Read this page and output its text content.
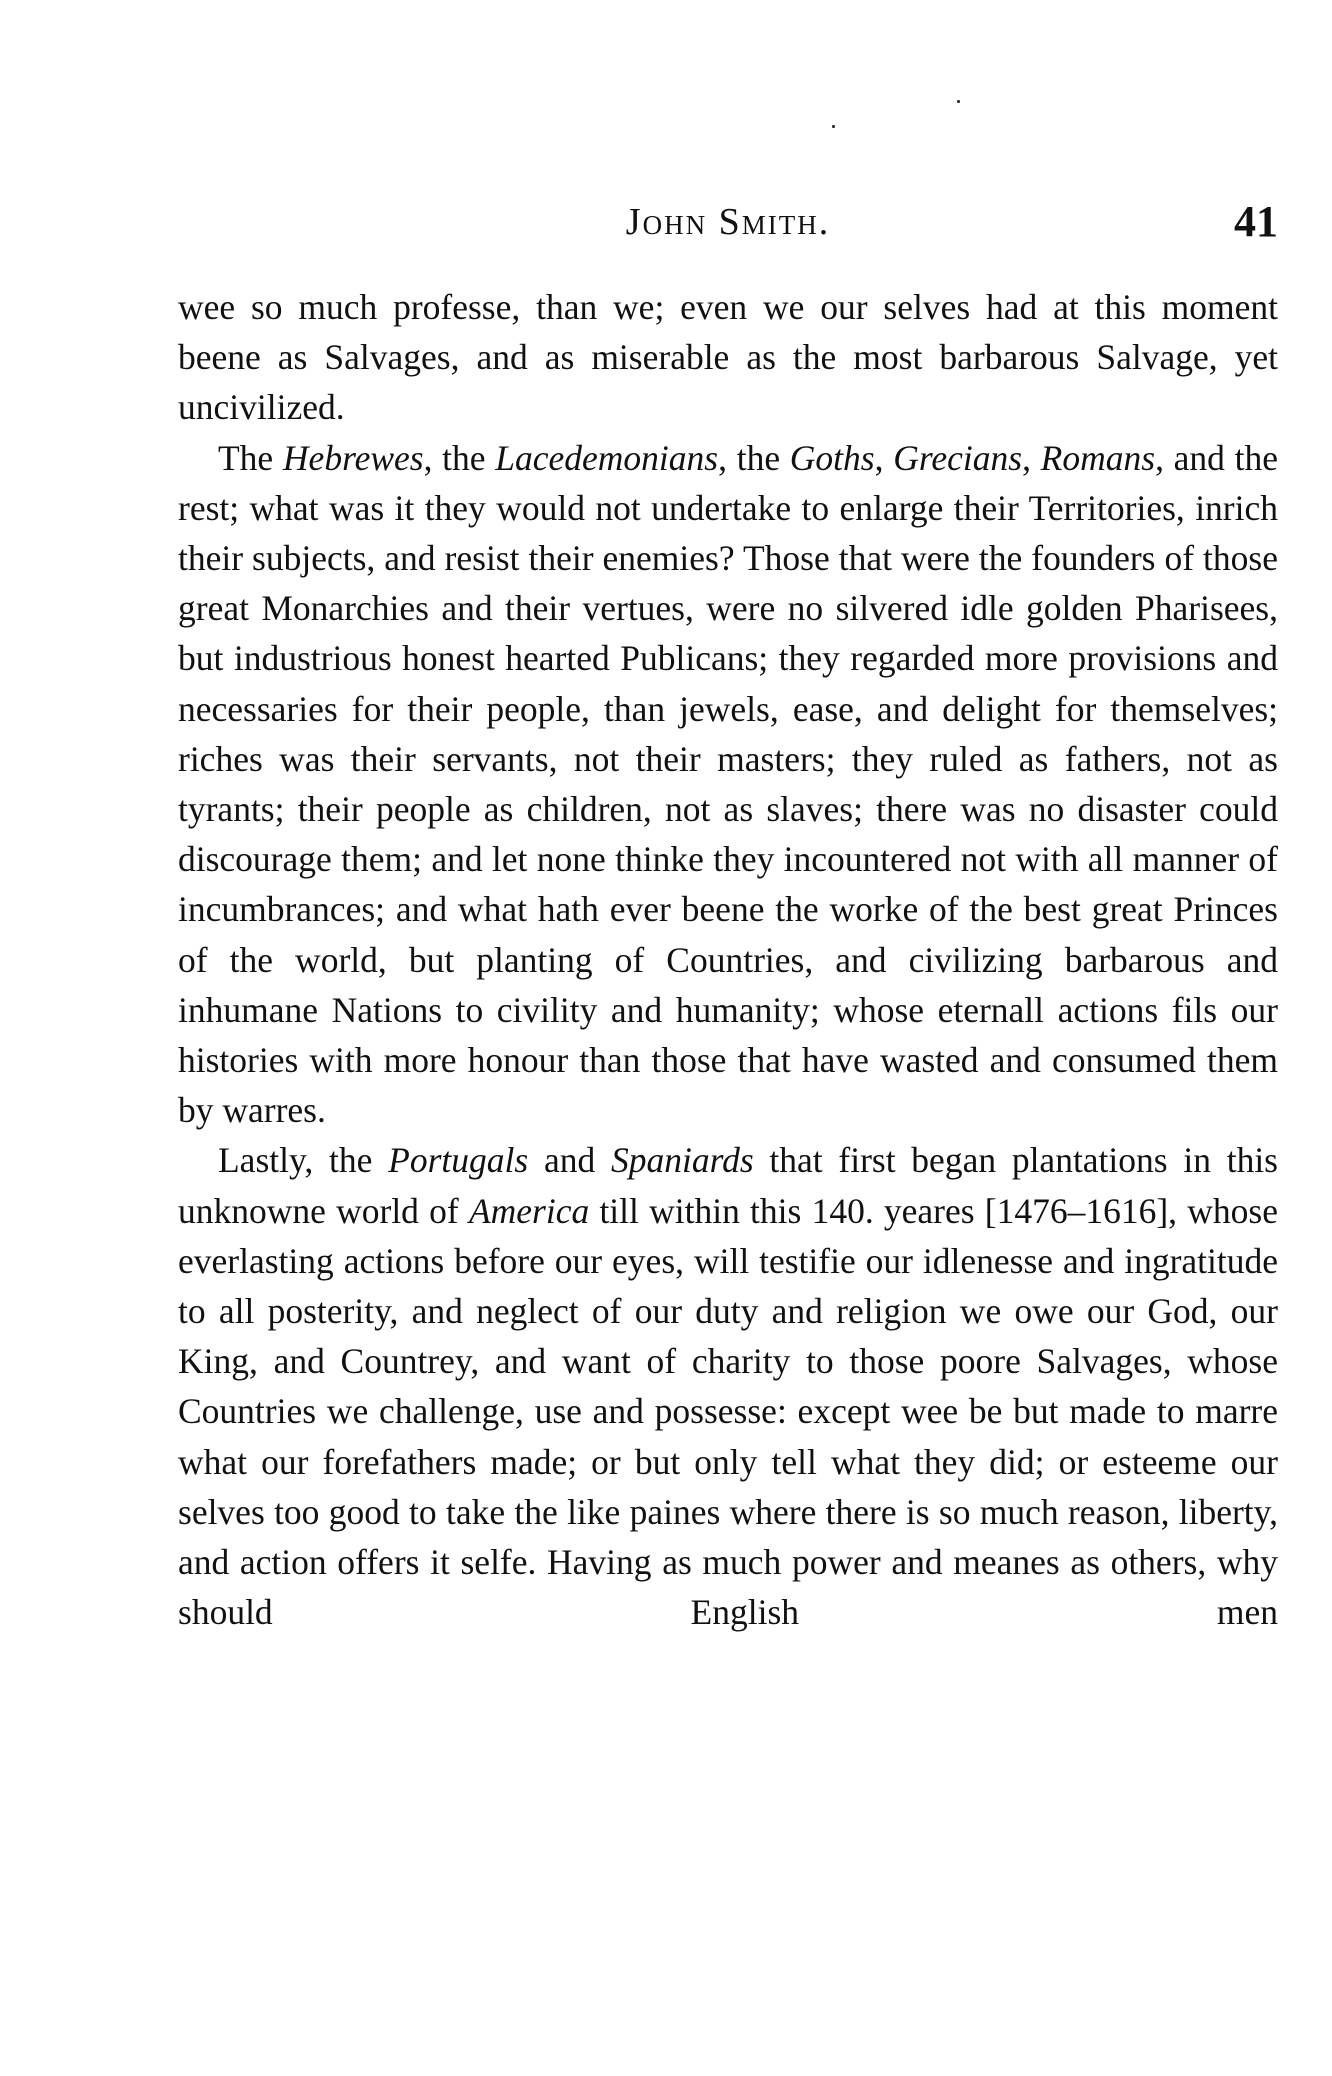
John Smith.	41

wee so much professe, than we; even we our selves had at this moment beene as Salvages, and as miserable as the most barbarous Salvage, yet uncivilized.

The Hebrewes, the Lacedemonians, the Goths, Grecians, Romans, and the rest; what was it they would not undertake to enlarge their Territories, inrich their subjects, and resist their enemies? Those that were the founders of those great Monarchies and their vertues, were no silvered idle golden Pharisees, but industrious honest hearted Publicans; they regarded more provisions and necessaries for their people, than jewels, ease, and delight for themselves; riches was their servants, not their masters; they ruled as fathers, not as tyrants; their people as children, not as slaves; there was no disaster could discourage them; and let none thinke they incountered not with all manner of incumbrances; and what hath ever beene the worke of the best great Princes of the world, but planting of Countries, and civilizing barbarous and inhumane Nations to civility and humanity; whose eternall actions fils our histories with more honour than those that have wasted and consumed them by warres.

Lastly, the Portugals and Spaniards that first began plantations in this unknowne world of America till within this 140. yeares [1476–1616], whose everlasting actions before our eyes, will testifie our idlenesse and ingratitude to all posterity, and neglect of our duty and religion we owe our God, our King, and Countrey, and want of charity to those poore Salvages, whose Countries we challenge, use and possesse: except wee be but made to marre what our forefathers made; or but only tell what they did; or esteeme our selves too good to take the like paines where there is so much reason, liberty, and action offers it selfe. Having as much power and meanes as others, why should English men
